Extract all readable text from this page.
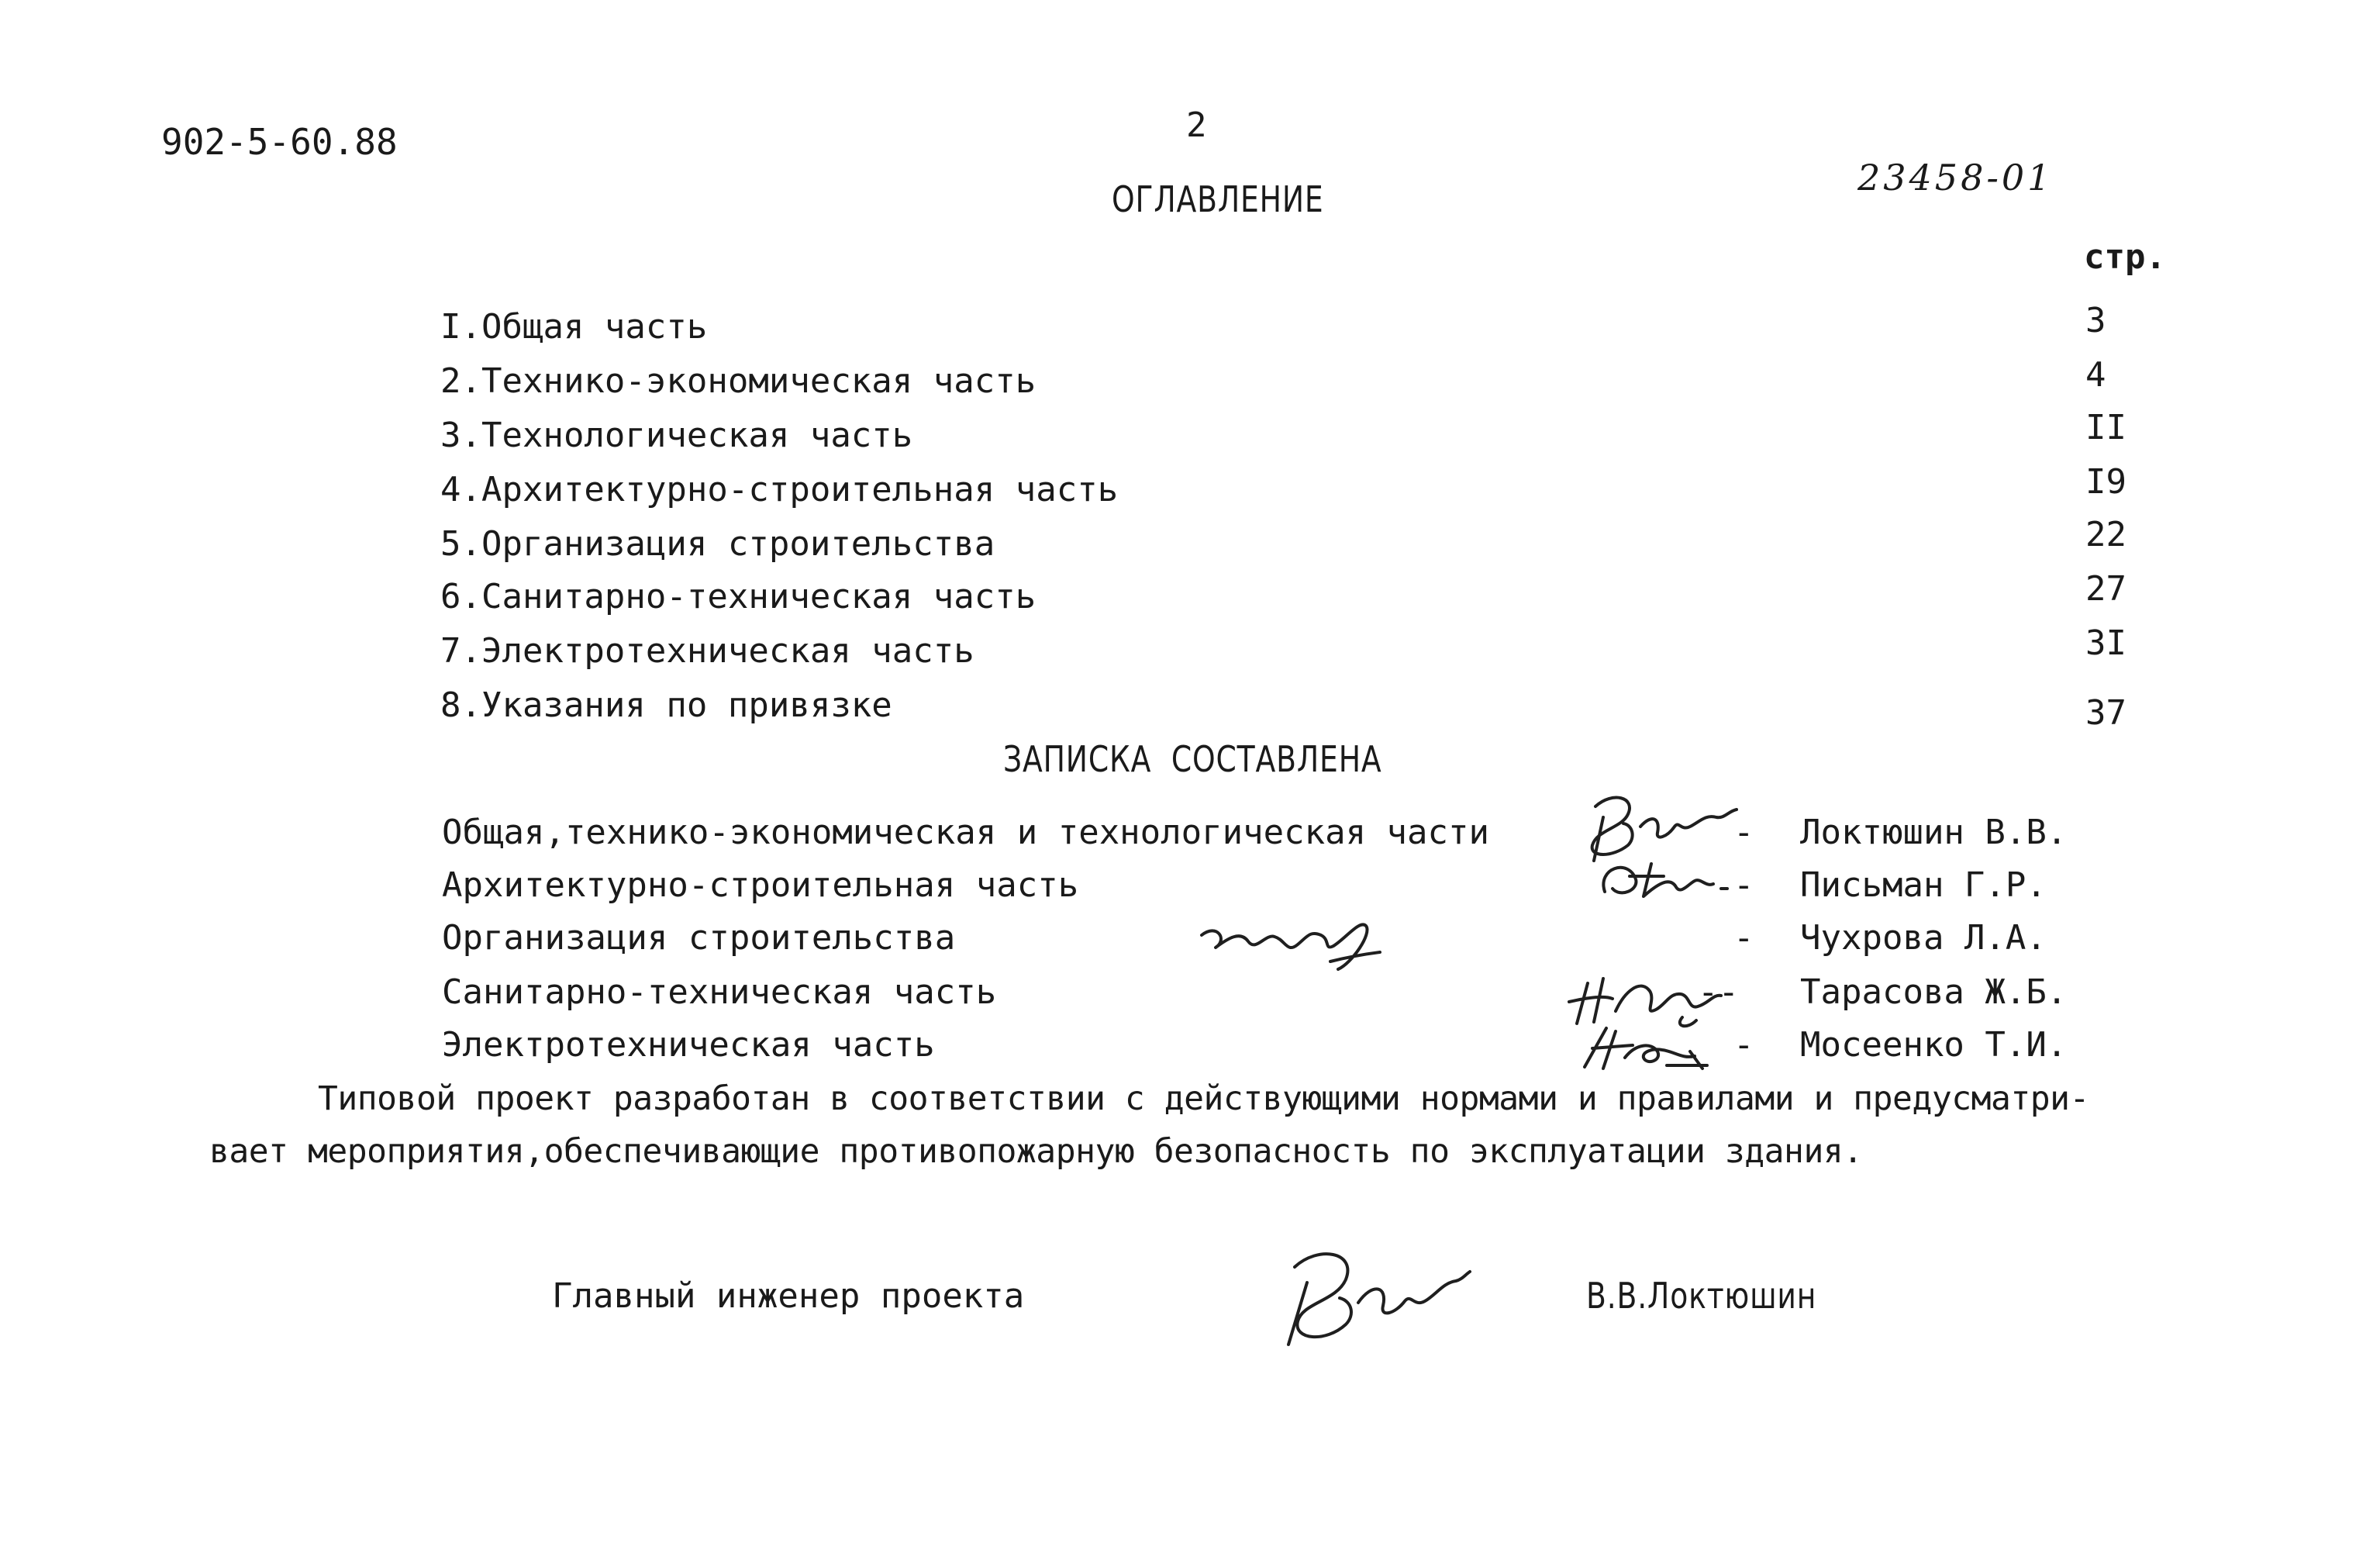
902-5-60.88	2
23458-01
ОГЛАВЛЕНИЕ
стр.
I.Общая часть	3
2.Технико-экономическая часть	4
3.Технологическая часть	II
4.Архитектурно-строительная часть	I9
5.Организация строительства	22
6.Санитарно-техническая часть	27
7.Электротехническая часть	3I
8.Указания по привязке	37
ЗАПИСКА  СОСТАВЛЕНА
Общая,технико-экономическая и технологическая части	- Локтюшин В.В.
Архитектурно-строительная часть	- Письман Г.Р.
Организация строительства	- Чухрова Л.А.
Санитарно-техническая часть	-- Тарасова Ж.Б.
Электротехническая часть	- Мосеенко Т.И.
Типовой проект разработан в соответствии с действующими нормами и правилами и предусматри-
вает мероприятия,обеспечивающие противопожарную безопасность по эксплуатации здания.
Главный инженер проекта	В.В.Локтюшин
